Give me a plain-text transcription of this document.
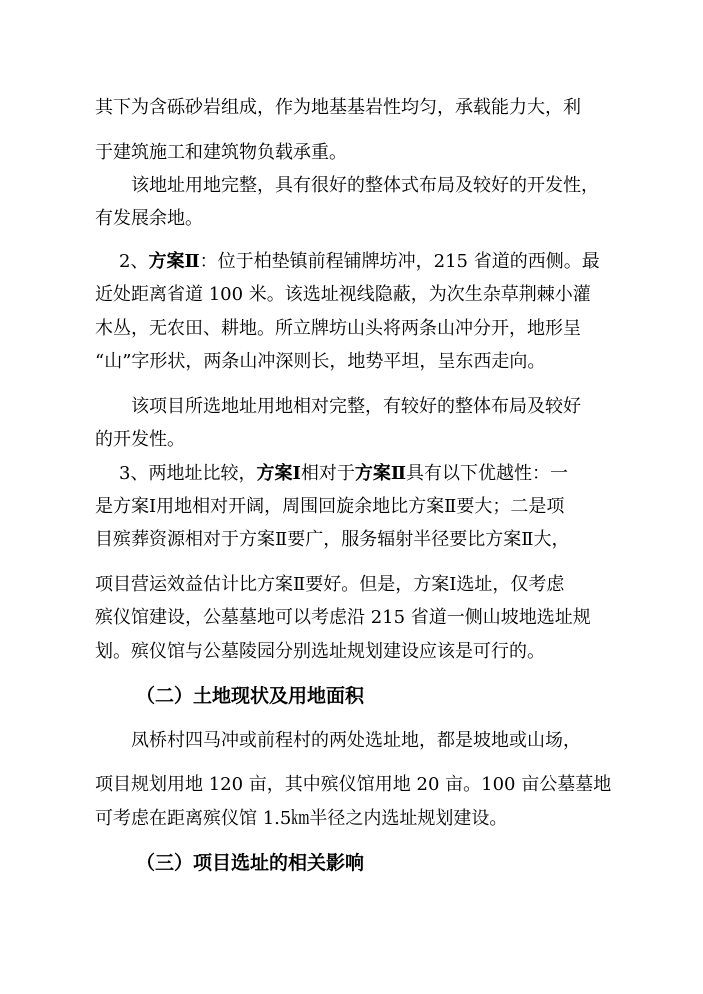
其下为含砾砂岩组成，作为地基基岩性均匀，承载能力大，利
于建筑施工和建筑物负载承重。
该地址用地完整，具有很好的整体式布局及较好的开发性，
有发展余地。
2、方案Ⅱ：位于柏垫镇前程铺牌坊冲，215 省道的西侧。最
近处距离省道 100 米。该选址视线隐蔽，为次生杂草荆棘小灌
木丛，无农田、耕地。所立牌坊山头将两条山冲分开，地形呈
“山”字形状，两条山冲深则长，地势平坦，呈东西走向。
该项目所选地址用地相对完整，有较好的整体布局及较好
的开发性。
3、两地址比较，方案Ⅰ相对于方案Ⅱ具有以下优越性：一
是方案Ⅰ用地相对开阔，周围回旋余地比方案Ⅱ要大；二是项
目殡葬资源相对于方案Ⅱ要广，服务辐射半径要比方案Ⅱ大，
项目营运效益估计比方案Ⅱ要好。但是，方案Ⅰ选址，仅考虑
殡仪馆建设，公墓墓地可以考虑沿 215 省道一侧山坡地选址规
划。殡仪馆与公墓陵园分别选址规划建设应该是可行的。
（二）土地现状及用地面积
凤桥村四马冲或前程村的两处选址地，都是坡地或山场，
项目规划用地 120 亩，其中殡仪馆用地 20 亩。100 亩公墓墓地
可考虑在距离殡仪馆 1.5㎞半径之内选址规划建设。
（三）项目选址的相关影响
